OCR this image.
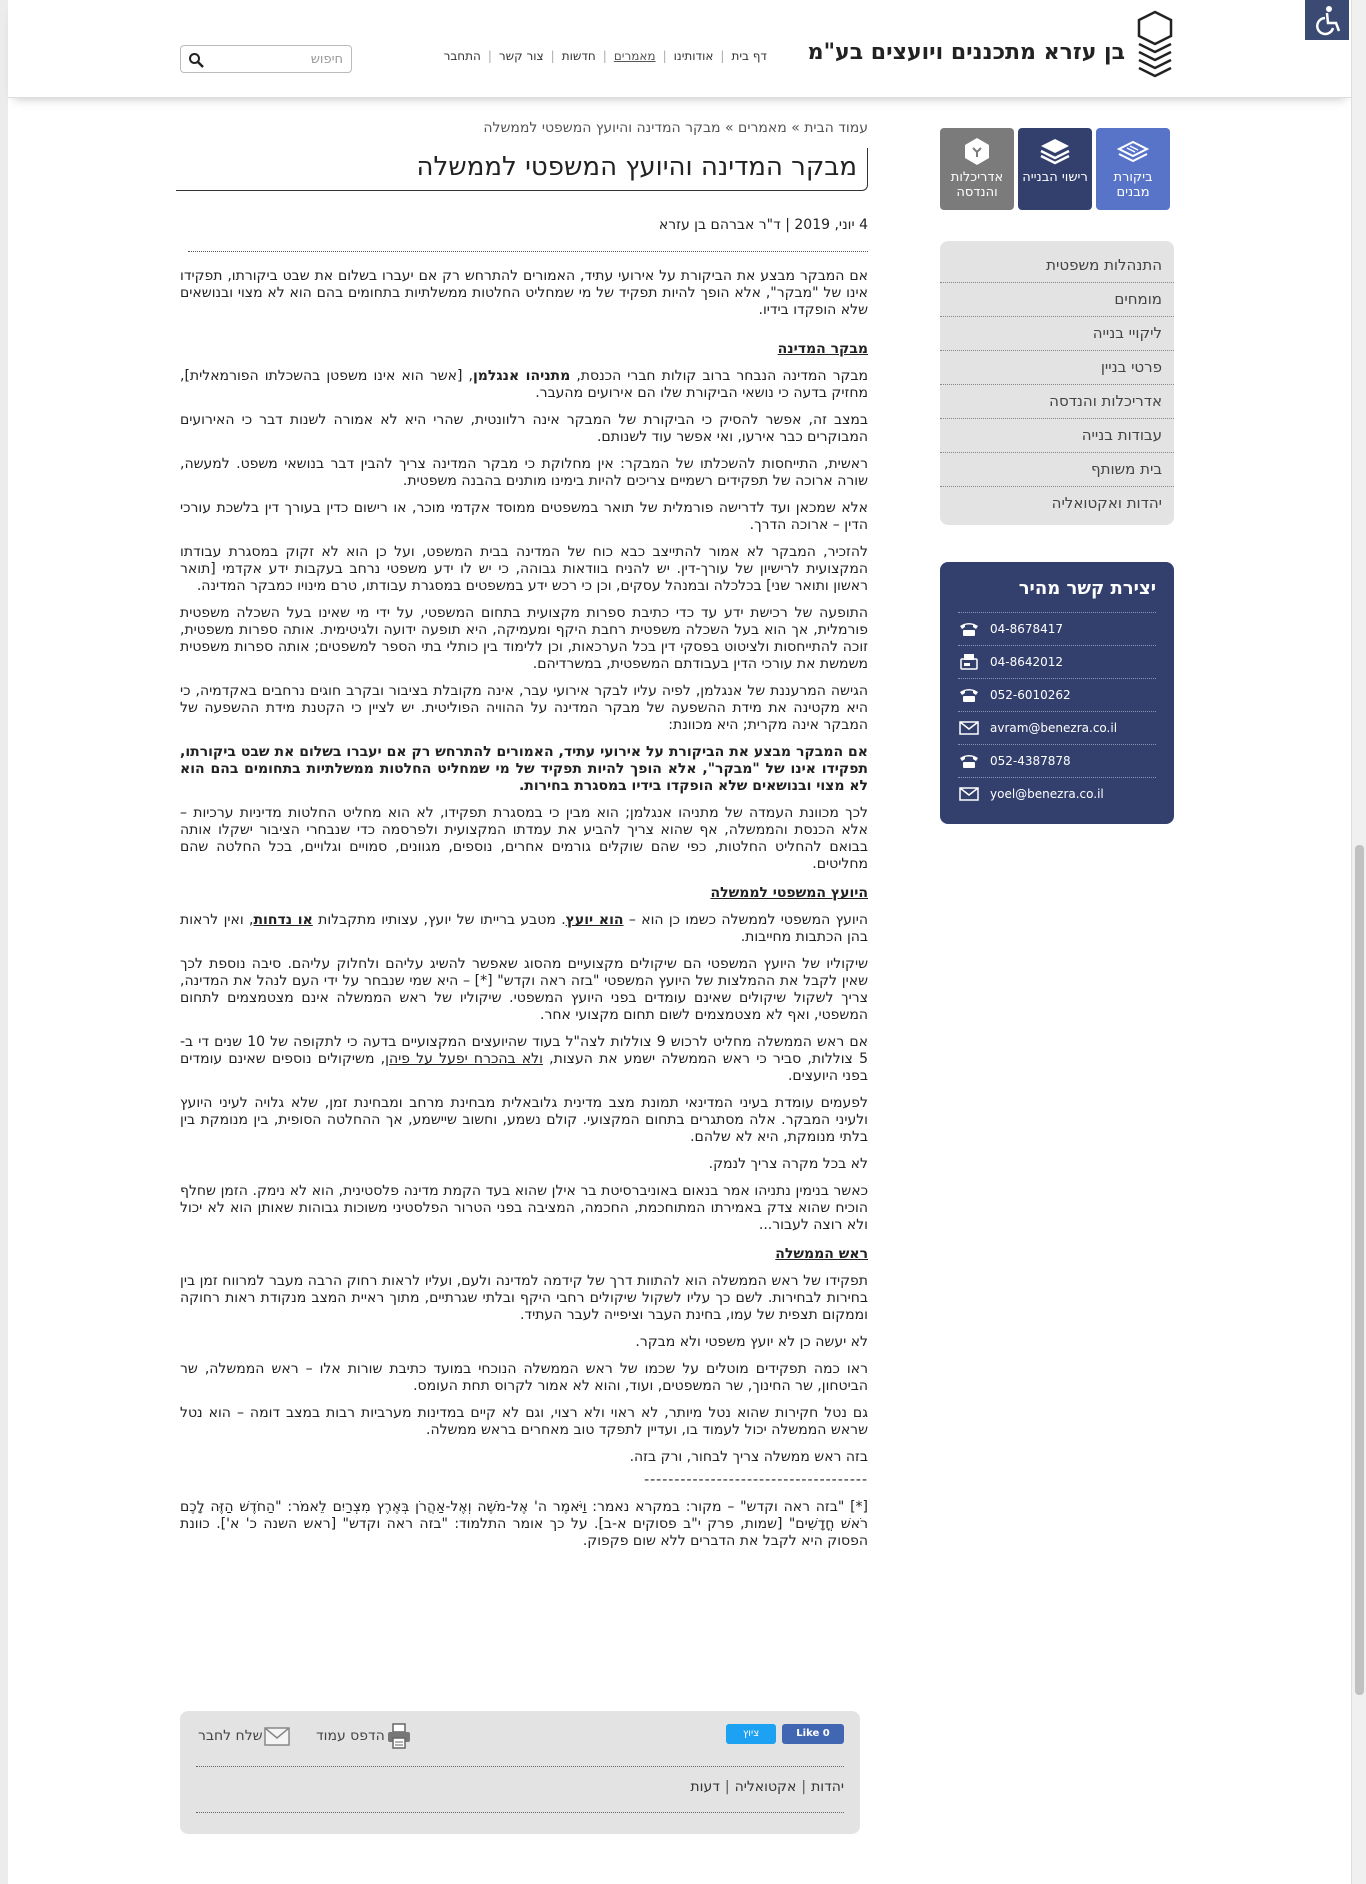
בן עזרא מתכננים ויועצים בע"מ
דף בית
|
אודותינו
|
מאמרים
|
חדשות
|
צור קשר
|
התחבר
חיפוש
ביקורת מבנים
רישוי הבנייה
אדריכלות והנדסה
התנהלות משפטית
מומחים
ליקויי בנייה
פרטי בניין
אדריכלות והנדסה
עבודות בנייה
בית משותף
יהדות ואקטואליה
יצירת קשר מהיר
04-8678417
04-8642012
052-6010262
avram@benezra.co.il
052-4387878
yoel@benezra.co.il
עמוד הבית » מאמרים » מבקר המדינה והיועץ המשפטי לממשלה
מבקר המדינה והיועץ המשפטי לממשלה
4 יוני, 2019 | ד"ר אברהם בן עזרא

אם המבקר מבצע את הביקורת על אירועי עתיד, האמורים להתרחש רק אם יעברו בשלום את שבט ביקורתו, תפקידו אינו של "מבקר", אלא הופך להיות תפקיד של מי שמחליט החלטות ממשלתיות בתחומים בהם הוא לא מצוי ובנושאים שלא הופקדו בידיו.

מבקר המדינה

מבקר המדינה הנבחר ברוב קולות חברי הכנסת, מתניהו אנגלמן, [אשר הוא אינו משפטן בהשכלתו הפורמאלית], מחזיק בדעה כי נושאי הביקורת שלו הם אירועים מהעבר.

במצב זה, אפשר להסיק כי הביקורת של המבקר אינה רלוונטית, שהרי היא לא אמורה לשנות דבר כי האירועים המבוקרים כבר אירעו, ואי אפשר עוד לשנותם.

ראשית, התייחסות להשכלתו של המבקר: אין מחלוקת כי מבקר המדינה צריך להבין דבר בנושאי משפט. למעשה, שורה ארוכה של תפקידים רשמיים צריכים להיות בימינו מותנים בהבנה משפטית.

אלא שמכאן ועד לדרישה פורמלית של תואר במשפטים ממוסד אקדמי מוכר, או רישום כדין בעורך דין בלשכת עורכי הדין – ארוכה הדרך.

להזכיר, המבקר לא אמור להתייצב כבא כוח של המדינה בבית המשפט, ועל כן הוא לא זקוק במסגרת עבודתו המקצועית לרישיון של עורך-דין. יש להניח בוודאות גבוהה, כי יש לו ידע משפטי נרחב בעקבות ידע אקדמי [תואר ראשון ותואר שני] בכלכלה ובמנהל עסקים, וכן כי רכש ידע במשפטים במסגרת עבודתו, טרם מינויו כמבקר המדינה.

התופעה של רכישת ידע עד כדי כתיבת ספרות מקצועית בתחום המשפטי, על ידי מי שאינו בעל השכלה משפטית פורמלית, אך הוא בעל השכלה משפטית רחבת היקף ומעמיקה, היא תופעה ידועה ולגיטימית. אותה ספרות משפטית, זוכה להתייחסות ולציטוט בפסקי דין בכל הערכאות, וכן ללימוד בין כותלי בתי הספר למשפטים; אותה ספרות משפטית משמשת את עורכי הדין בעבודתם המשפטית, במשרדיהם.

הגישה המרעננת של אנגלמן, לפיה עליו לבקר אירועי עבר, אינה מקובלת בציבור ובקרב חוגים נרחבים באקדמיה, כי היא מקטינה את מידת ההשפעה של מבקר המדינה על ההוויה הפוליטית. יש לציין כי הקטנת מידת ההשפעה של המבקר אינה מקרית; היא מכוונת:

אם המבקר מבצע את הביקורת על אירועי עתיד, האמורים להתרחש רק אם יעברו בשלום את שבט ביקורתו, תפקידו אינו של "מבקר", אלא הופך להיות תפקיד של מי שמחליט החלטות ממשלתיות בתחומים בהם הוא לא מצוי ובנושאים שלא הופקדו בידיו במסגרת בחירות.

לכך מכוונת העמדה של מתניהו אנגלמן; הוא מבין כי במסגרת תפקידו, לא הוא מחליט החלטות מדיניות ערכיות – אלא הכנסת והממשלה, אף שהוא צריך להביע את עמדתו המקצועית ולפרסמה כדי שנבחרי הציבור ישקלו אותה בבואם להחליט החלטות, כפי שהם שוקלים גורמים אחרים, נוספים, מגוונים, סמויים וגלויים, בכל החלטה שהם מחליטים.

היועץ המשפטי לממשלה

היועץ המשפטי לממשלה כשמו כן הוא – הוא יועץ. מטבע ברייתו של יועץ, עצותיו מתקבלות או נדחות, ואין לראות בהן הכתבות מחייבות.

שיקוליו של היועץ המשפטי הם שיקולים מקצועיים מהסוג שאפשר להשיג עליהם ולחלוק עליהם. סיבה נוספת לכך שאין לקבל את ההמלצות של היועץ המשפטי "בזה ראה וקדש" [*] – היא שמי שנבחר על ידי העם לנהל את המדינה, צריך לשקול שיקולים שאינם עומדים בפני היועץ המשפטי. שיקוליו של ראש הממשלה אינם מצטמצמים לתחום המשפטי, ואף לא מצטמצמים לשום תחום מקצועי אחר.

אם ראש הממשלה מחליט לרכוש 9 צוללות לצה"ל בעוד שהיועצים המקצועיים בדעה כי לתקופה של 10 שנים די ב- 5 צוללות, סביר כי ראש הממשלה ישמע את העצות, ולא בהכרח יפעל על פיהן, משיקולים נוספים שאינם עומדים בפני היועצים.

לפעמים עומדת בעיני המדינאי תמונת מצב מדינית גלובאלית מבחינת מרחב ומבחינת זמן, שלא גלויה לעיני היועץ ולעיני המבקר. אלה מסתגרים בתחום המקצועי. קולם נשמע, וחשוב שיישמע, אך ההחלטה הסופית, בין מנומקת בין בלתי מנומקת, היא לא שלהם.

לא בכל מקרה צריך לנמק.

כאשר בנימין נתניהו אמר בנאום באוניברסיטת בר אילן שהוא בעד הקמת מדינה פלסטינית, הוא לא נימק. הזמן שחלף הוכיח שהוא צדק באמירתו המתוחכמת, החכמה, המציבה בפני הטרור הפלסטיני משוכות גבוהות שאותן הוא לא יכול ולא רוצה לעבור...

ראש הממשלה

תפקידו של ראש הממשלה הוא להתוות דרך של קידמה למדינה ולעם, ועליו לראות רחוק הרבה מעבר למרווח זמן בין בחירות לבחירות. לשם כך עליו לשקול שיקולים רחבי היקף ובלתי שגרתיים, מתוך ראיית המצב מנקודת ראות רחוקה וממקום תצפית של עמו, בחינת העבר וציפייה לעבר העתיד.

לא יעשה כן לא יועץ משפטי ולא מבקר.

ראו כמה תפקידים מוטלים על שכמו של ראש הממשלה הנוכחי במועד כתיבת שורות אלו – ראש הממשלה, שר הביטחון, שר החינוך, שר המשפטים, ועוד, והוא לא אמור לקרוס תחת העומס.

גם נטל חקירות שהוא נטל מיותר, לא ראוי ולא רצוי, וגם לא קיים במדינות מערביות רבות במצב דומה – הוא נטל שראש הממשלה יכול לעמוד בו, ועדיין לתפקד טוב מאחרים בראש ממשלה.

בזה ראש ממשלה צריך לבחור, ורק בזה.

-------------------------------------

[*] "בזה ראה וקדש" – מקור: במקרא נאמר: וַיֹּאמֶר ה' אֶל-מֹשֶׁה וְאֶל-אַהֲרֹן בְּאֶרֶץ מִצְרַיִם לֵאמֹר: "הַחֹדֶשׁ הַזֶּה לָכֶם רֹאשׁ חֳדָשִׁים" [שמות, פרק י"ב פסוקים א-ב]. על כך אומר התלמוד: "בזה ראה וקדש" [ראש השנה כ' א']. כוונת הפסוק היא לקבל את הדברים ללא שום פקפוק.

Like 0
ציוץ
הדפס עמוד
שלח לחבר
יהדות|אקטואליה|דעות
